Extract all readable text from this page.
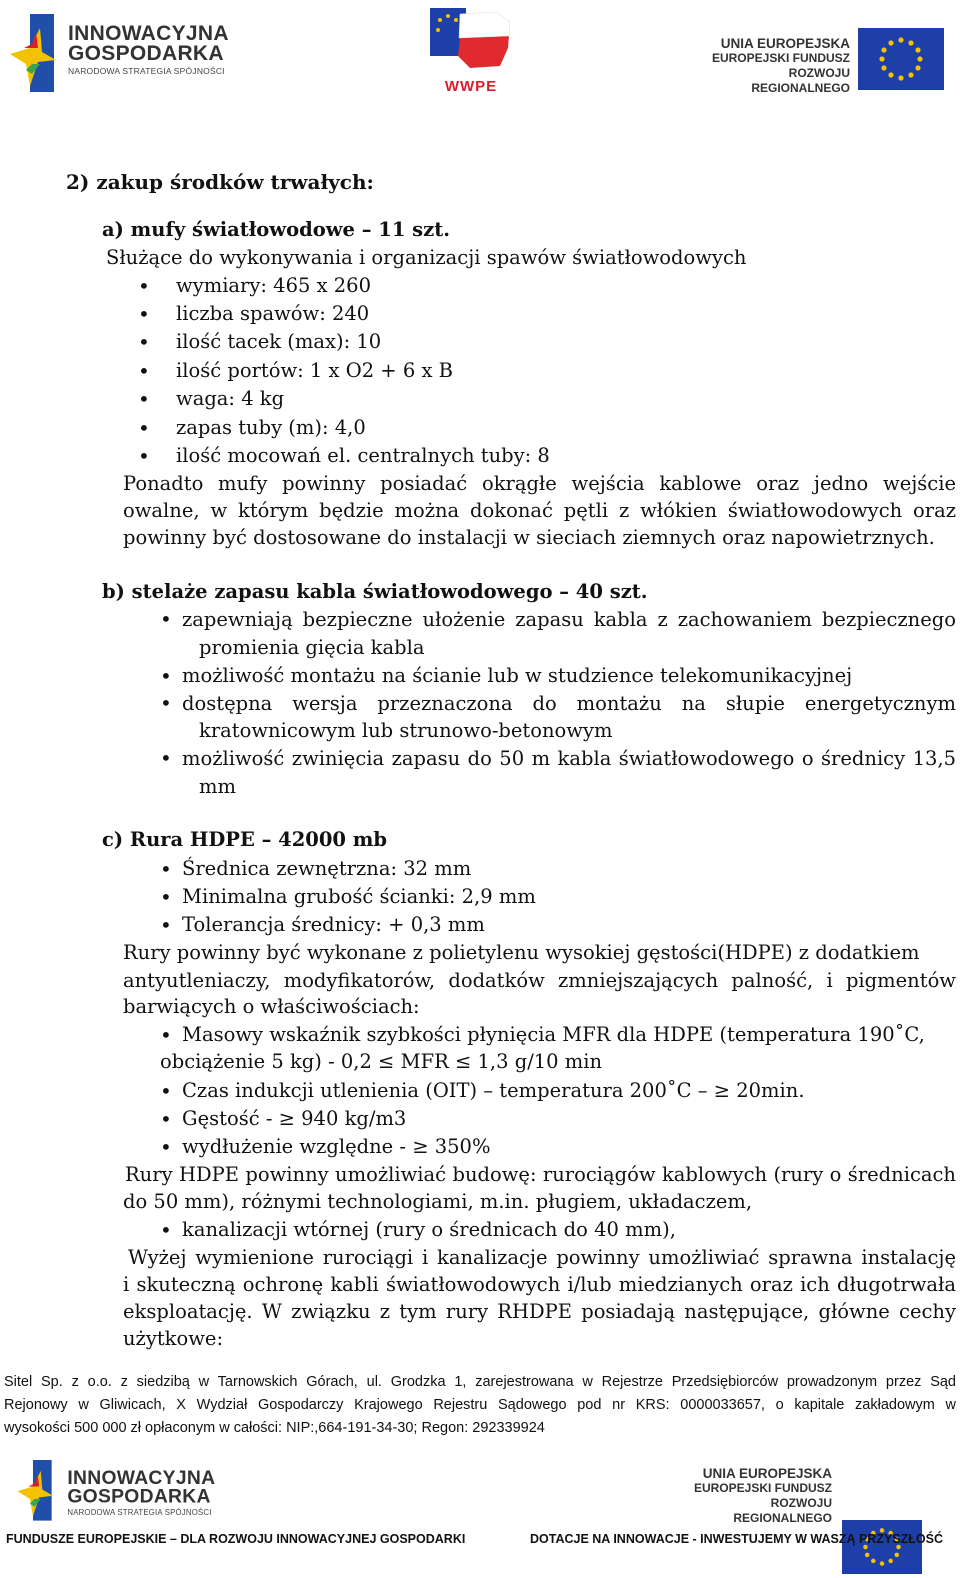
INNOWACYJNA
GOSPODARKA
NARODOWA STRATEGIA SPÓJNOŚCI
WWPE
UNIA EUROPEJSKA
EUROPEJSKI FUNDUSZ
ROZWOJU REGIONALNEGO
2) zakup środków trwałych:
a) mufy światłowodowe – 11 szt.
Służące do wykonywania i organizacji spawów światłowodowych
• wymiary: 465 x 260
• liczba spawów: 240
• ilość tacek (max): 10
• ilość portów: 1 x O2 + 6 x B
• waga: 4 kg
• zapas tuby (m): 4,0
• ilość mocowań el. centralnych tuby: 8
Ponadto mufy powinny posiadać okrągłe wejścia kablowe oraz jedno wejście
owalne, w którym będzie można dokonać pętli z włókien światłowodowych oraz
powinny być dostosowane do instalacji w sieciach ziemnych oraz napowietrznych.
b) stelaże zapasu kabla światłowodowego – 40 szt.
• zapewniają bezpieczne ułożenie zapasu kabla z zachowaniem bezpiecznego
promienia gięcia kabla
• możliwość montażu na ścianie lub w studzience telekomunikacyjnej
• dostępna wersja przeznaczona do montażu na słupie energetycznym
kratownicowym lub strunowo-betonowym
• możliwość zwinięcia zapasu do 50 m kabla światłowodowego o średnicy 13,5
mm
c) Rura HDPE – 42000 mb
• Średnica zewnętrzna: 32 mm
• Minimalna grubość ścianki: 2,9 mm
• Tolerancja średnicy: + 0,3 mm
Rury powinny być wykonane z polietylenu wysokiej gęstości(HDPE) z dodatkiem
antyutleniaczy, modyfikatorów, dodatków zmniejszających palność, i pigmentów
barwiących o właściwościach:
• Masowy wskaźnik szybkości płynięcia MFR dla HDPE (temperatura 190˚C,
obciążenie 5 kg) - 0,2 ≤ MFR ≤ 1,3 g/10 min
• Czas indukcji utlenienia (OIT) – temperatura 200˚C – ≥ 20min.
• Gęstość - ≥ 940 kg/m3
• wydłużenie względne - ≥ 350%
Rury HDPE powinny umożliwiać budowę: rurociągów kablowych (rury o średnicach
do 50 mm), różnymi technologiami, m.in. pługiem, układaczem,
• kanalizacji wtórnej (rury o średnicach do 40 mm),
Wyżej wymienione rurociągi i kanalizacje powinny umożliwiać sprawna instalację
i skuteczną ochronę kabli światłowodowych i/lub miedzianych oraz ich długotrwała
eksploatację. W związku z tym rury RHDPE posiadają następujące, główne cechy
użytkowe:
Sitel Sp. z o.o. z siedzibą w Tarnowskich Górach, ul. Grodzka 1, zarejestrowana w Rejestrze Przedsiębiorców prowadzonym przez Sąd
Rejonowy w Gliwicach, X Wydział Gospodarczy Krajowego Rejestru Sądowego pod nr KRS: 0000033657, o kapitale zakładowym w
wysokości 500 000 zł opłaconym w całości: NIP:,664-191-34-30; Regon: 292339924
INNOWACYJNA
GOSPODARKA
NARODOWA STRATEGIA SPÓJNOŚCI
UNIA EUROPEJSKA
EUROPEJSKI FUNDUSZ
ROZWOJU REGIONALNEGO
FUNDUSZE EUROPEJSKIE – DLA ROZWOJU INNOWACYJNEJ GOSPODARKI	DOTACJE NA INNOWACJE - INWESTUJEMY W WASZĄ PRZYSZŁOŚĆ
